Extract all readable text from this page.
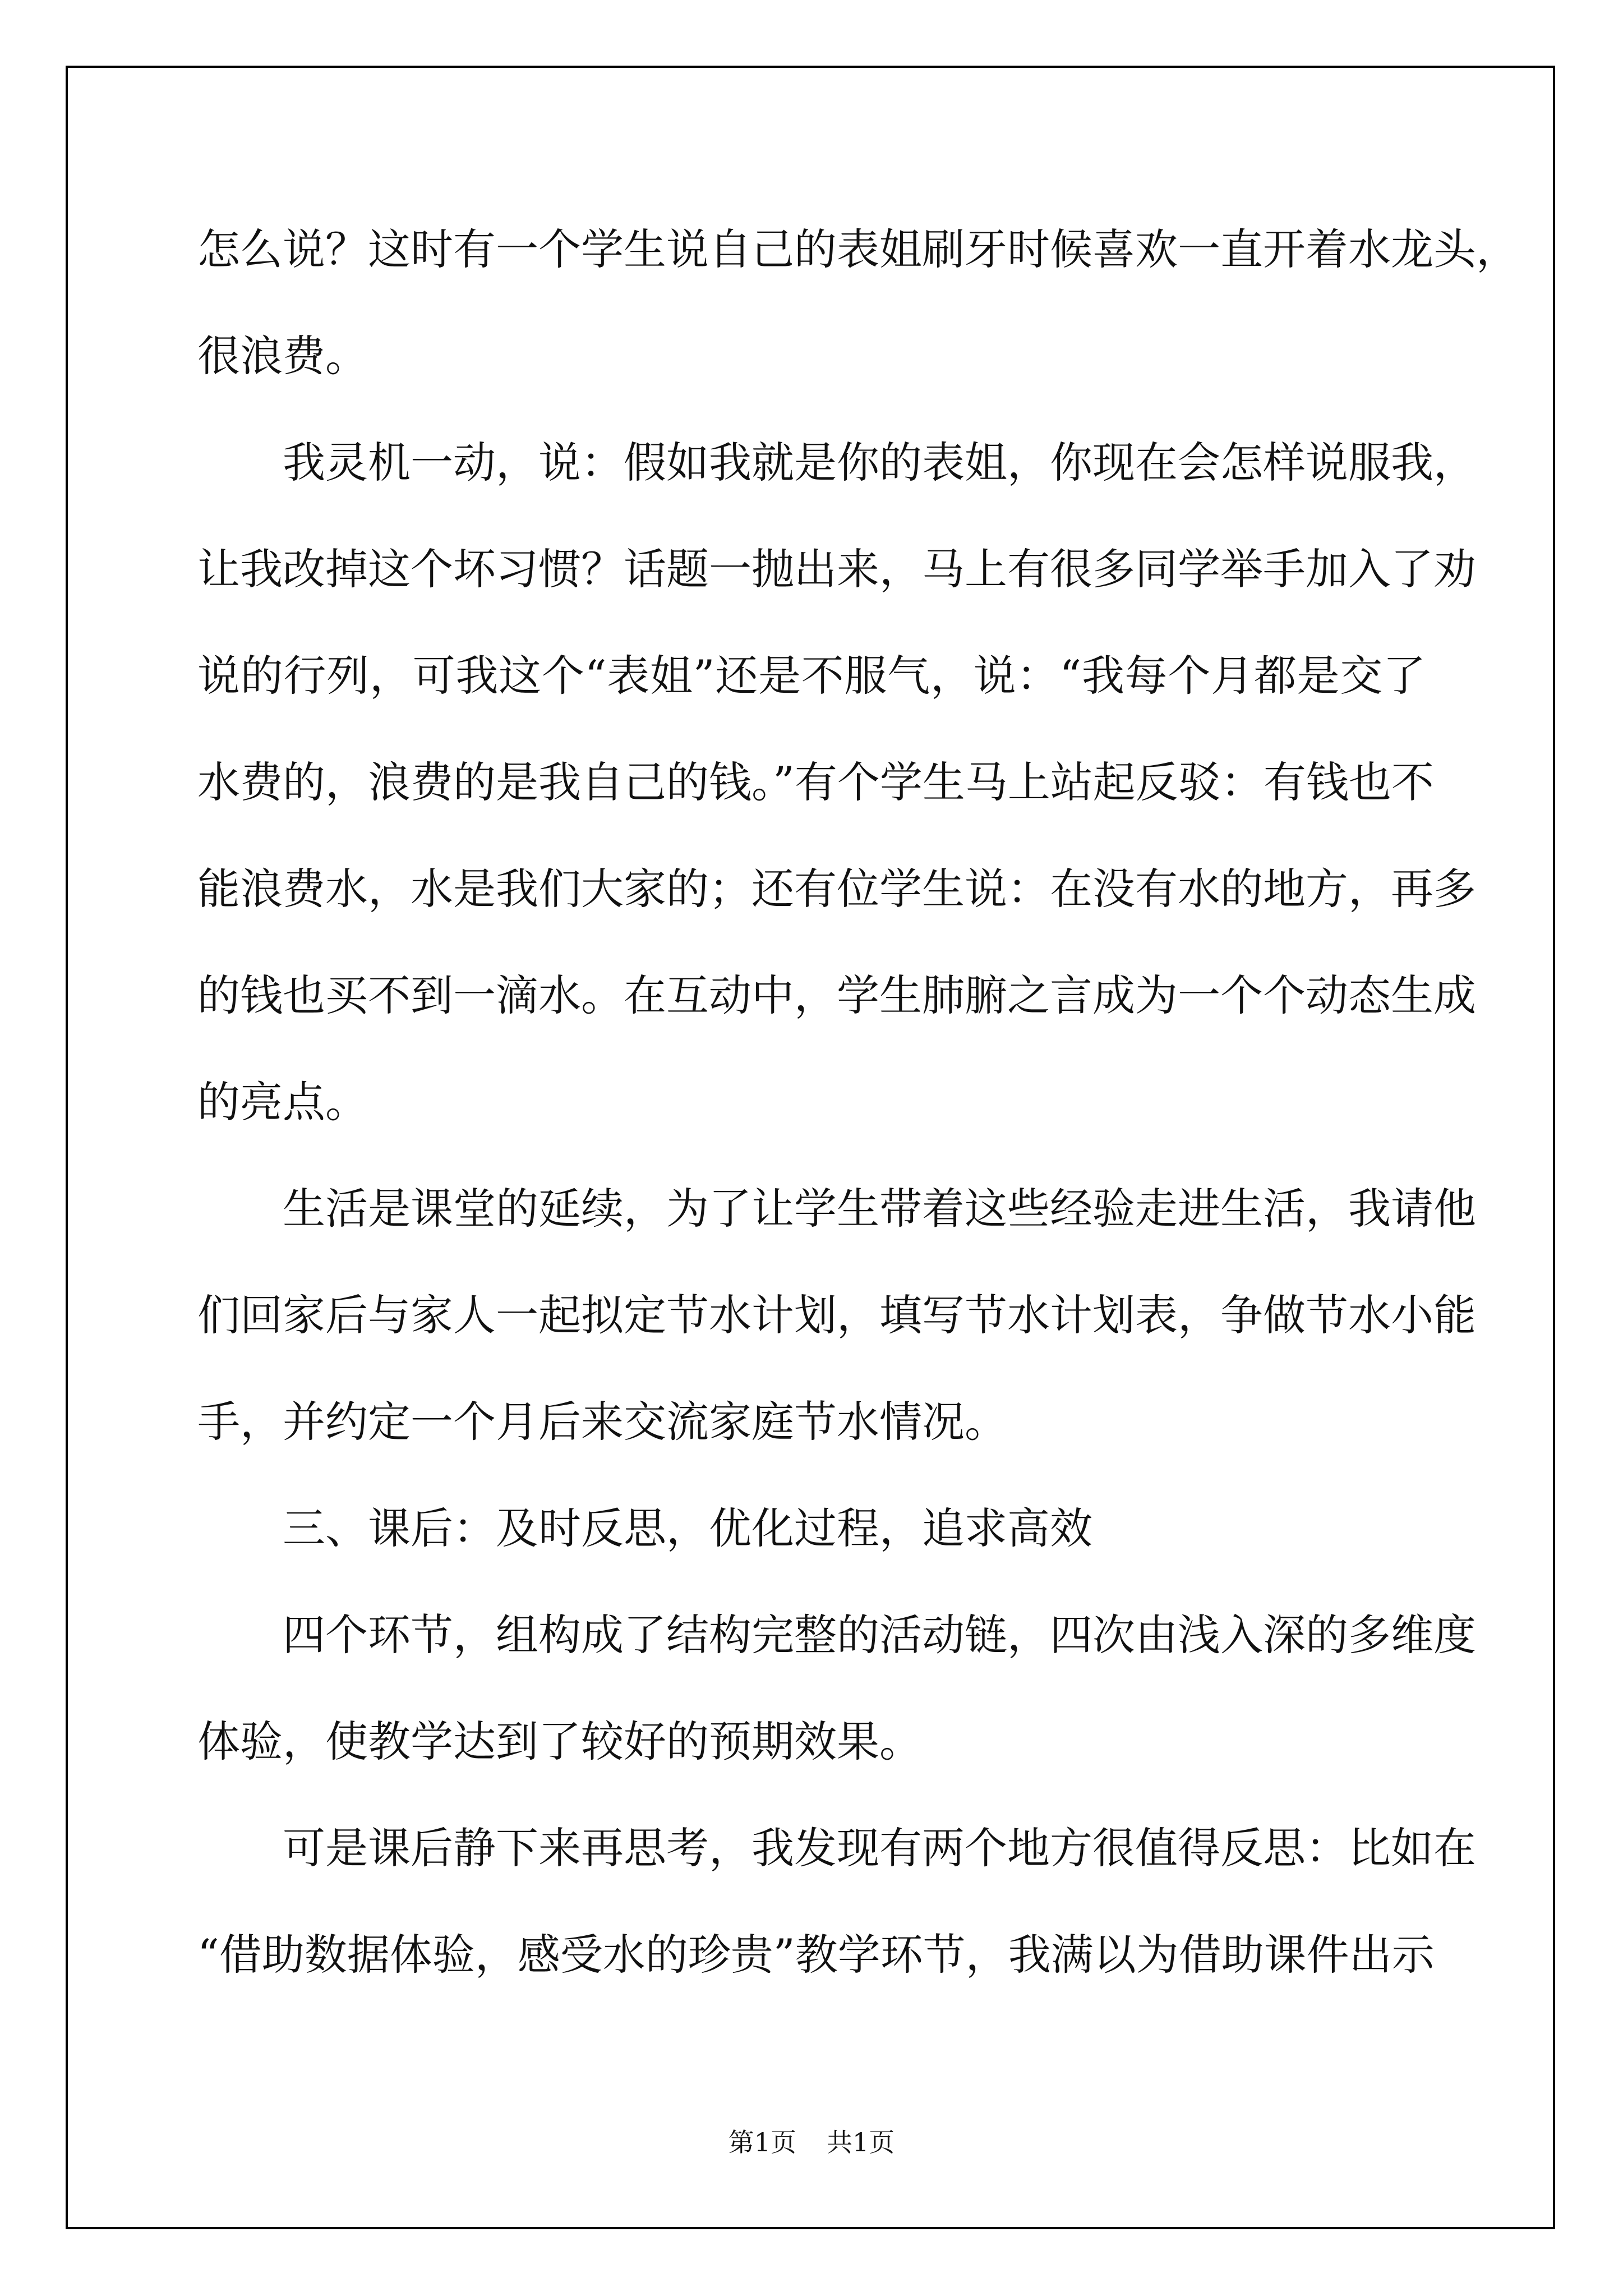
怎么说？这时有一个学生说自己的表姐刷牙时候喜欢一直开着水龙头，
很浪费。
我灵机一动，说：假如我就是你的表姐，你现在会怎样说服我，
让我改掉这个坏习惯？话题一抛出来，马上有很多同学举手加入了劝
说的行列，可我这个“表姐”还是不服气，说：“我每个月都是交了
水费的，浪费的是我自己的钱。”有个学生马上站起反驳：有钱也不
能浪费水，水是我们大家的；还有位学生说：在没有水的地方，再多
的钱也买不到一滴水。在互动中，学生肺腑之言成为一个个动态生成
的亮点。
生活是课堂的延续，为了让学生带着这些经验走进生活，我请他
们回家后与家人一起拟定节水计划，填写节水计划表，争做节水小能
手，并约定一个月后来交流家庭节水情况。
三、课后：及时反思，优化过程，追求高效
四个环节，组构成了结构完整的活动链，四次由浅入深的多维度
体验，使教学达到了较好的预期效果。
可是课后静下来再思考，我发现有两个地方很值得反思：比如在
“借助数据体验，感受水的珍贵”教学环节，我满以为借助课件出示
第1页 共1页
